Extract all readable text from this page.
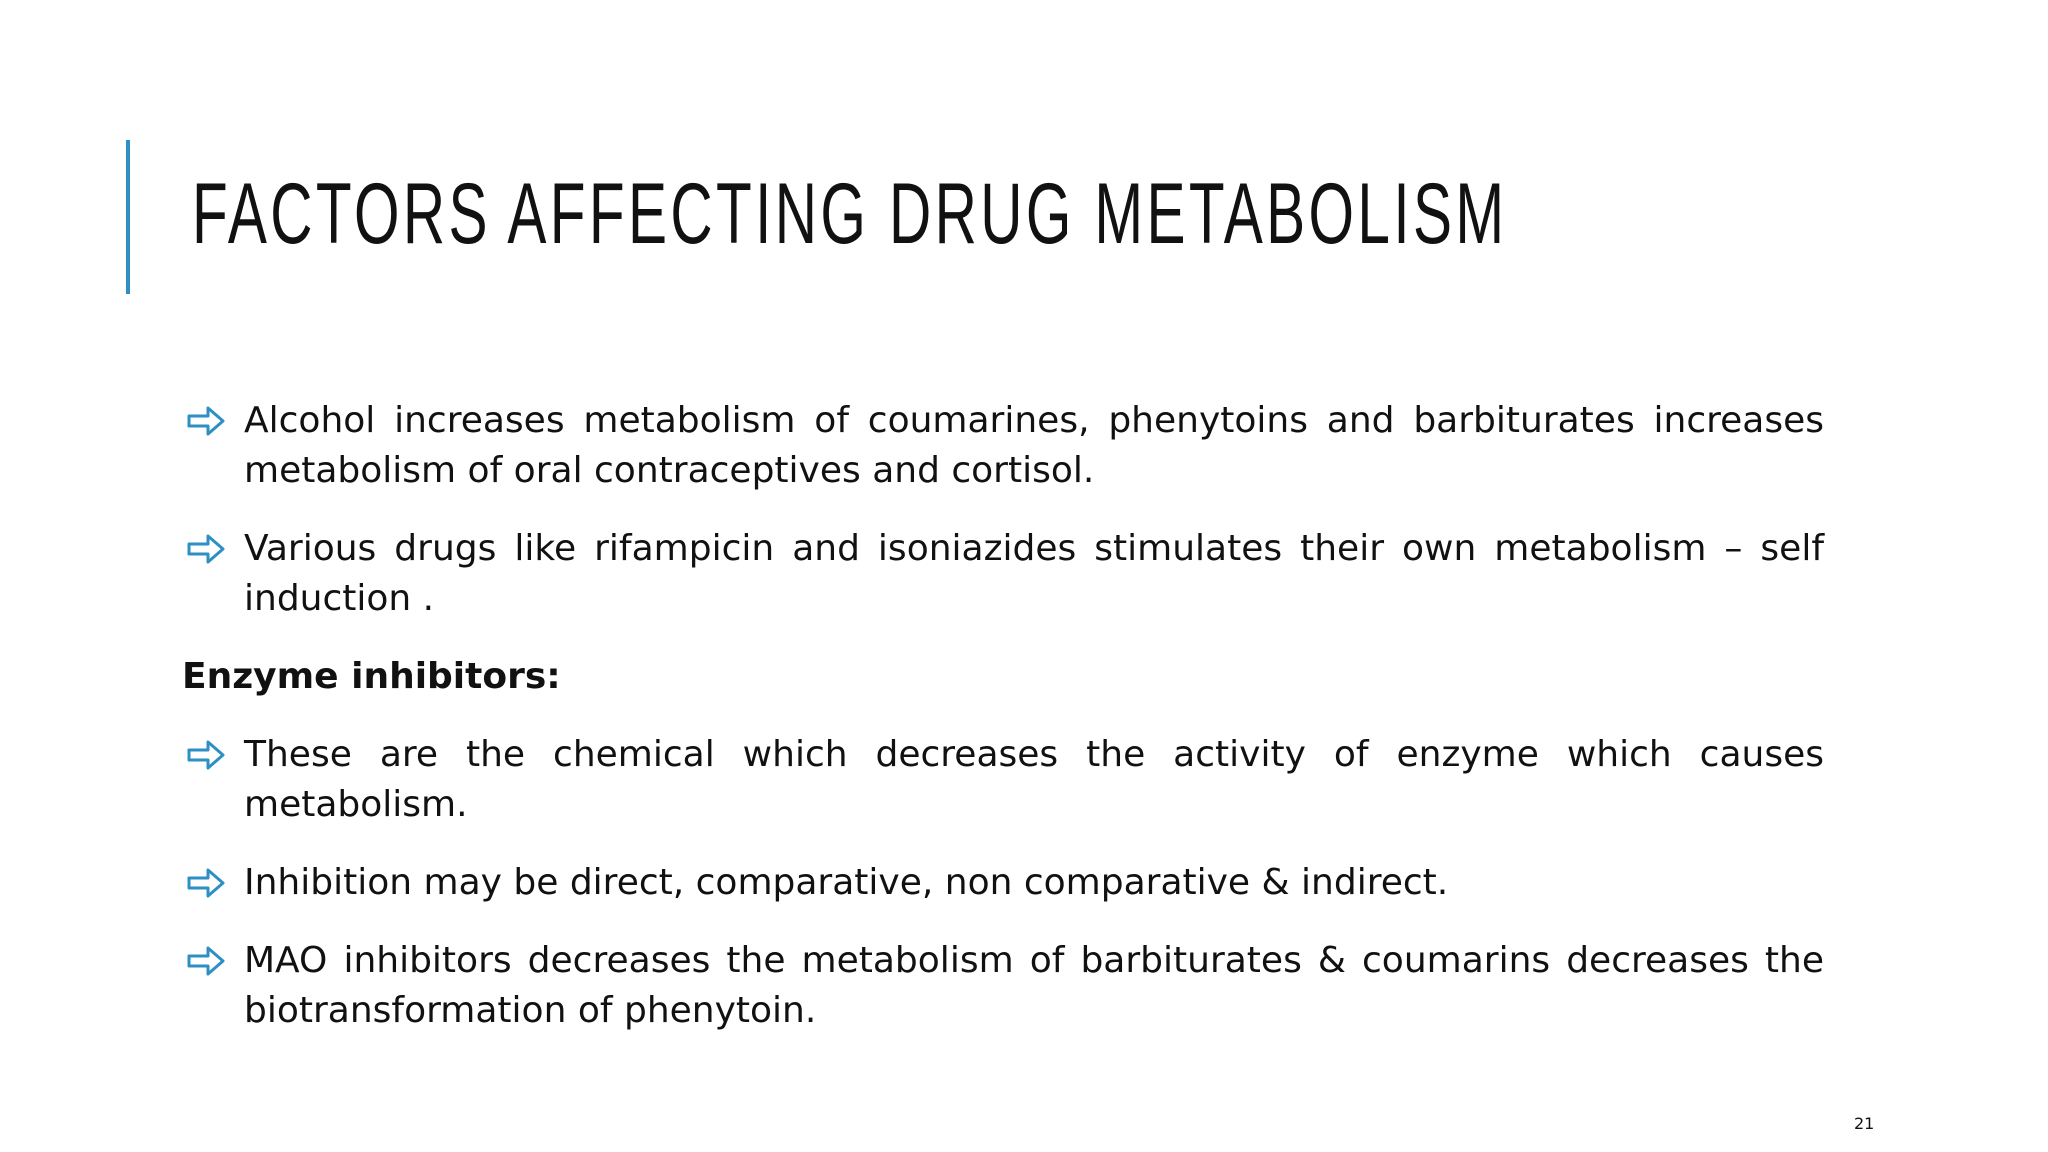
FACTORS AFFECTING DRUG METABOLISM
Alcohol increases metabolism of coumarines, phenytoins and barbiturates increases metabolism of oral contraceptives and cortisol.
Various drugs like rifampicin and isoniazides stimulates their own metabolism – self induction .
Enzyme inhibitors:
These are the chemical which decreases the activity of enzyme which causes metabolism.
Inhibition may be direct, comparative, non comparative & indirect.
MAO inhibitors decreases the metabolism of barbiturates & coumarins decreases the biotransformation of phenytoin.
21
